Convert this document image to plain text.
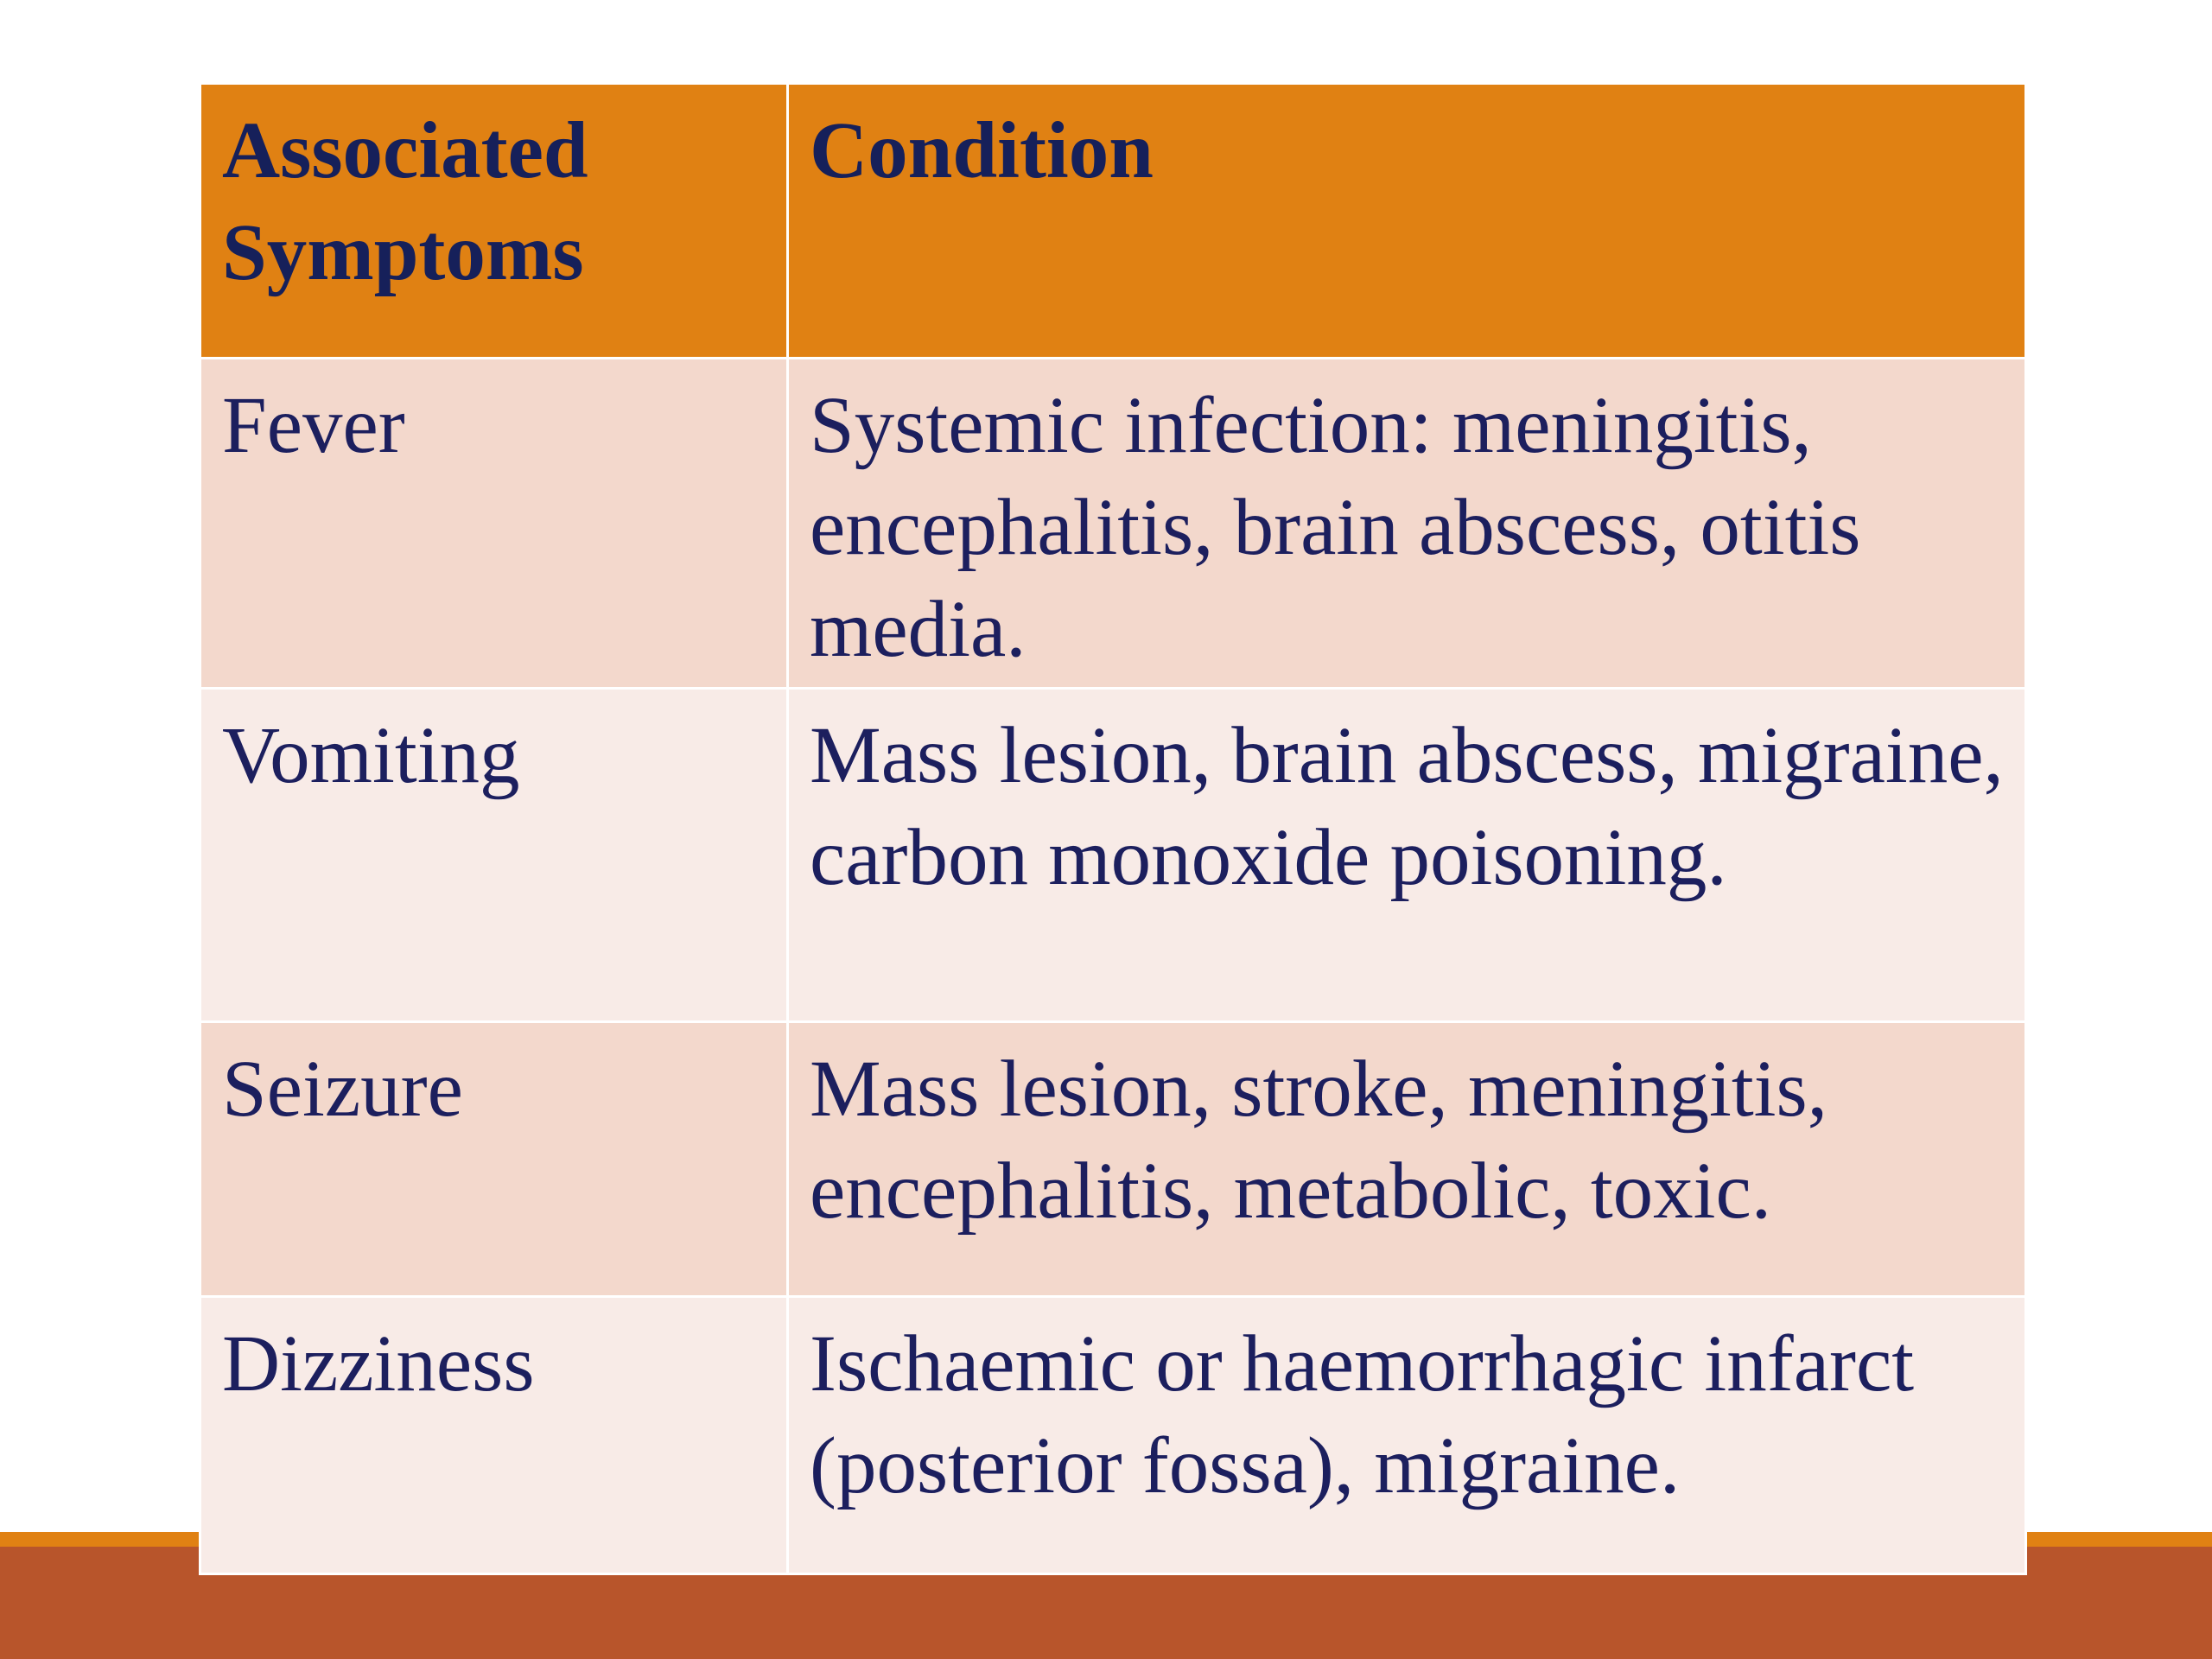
Associated Symptoms	Condition
Fever	Systemic infection: meningitis, encephalitis, brain abscess, otitis media.
Vomiting	Mass lesion, brain abscess, migraine, carbon monoxide poisoning.
Seizure	Mass lesion, stroke, meningitis, encephalitis, metabolic, toxic.
Dizziness	Ischaemic or haemorrhagic infarct (posterior fossa), migraine.
